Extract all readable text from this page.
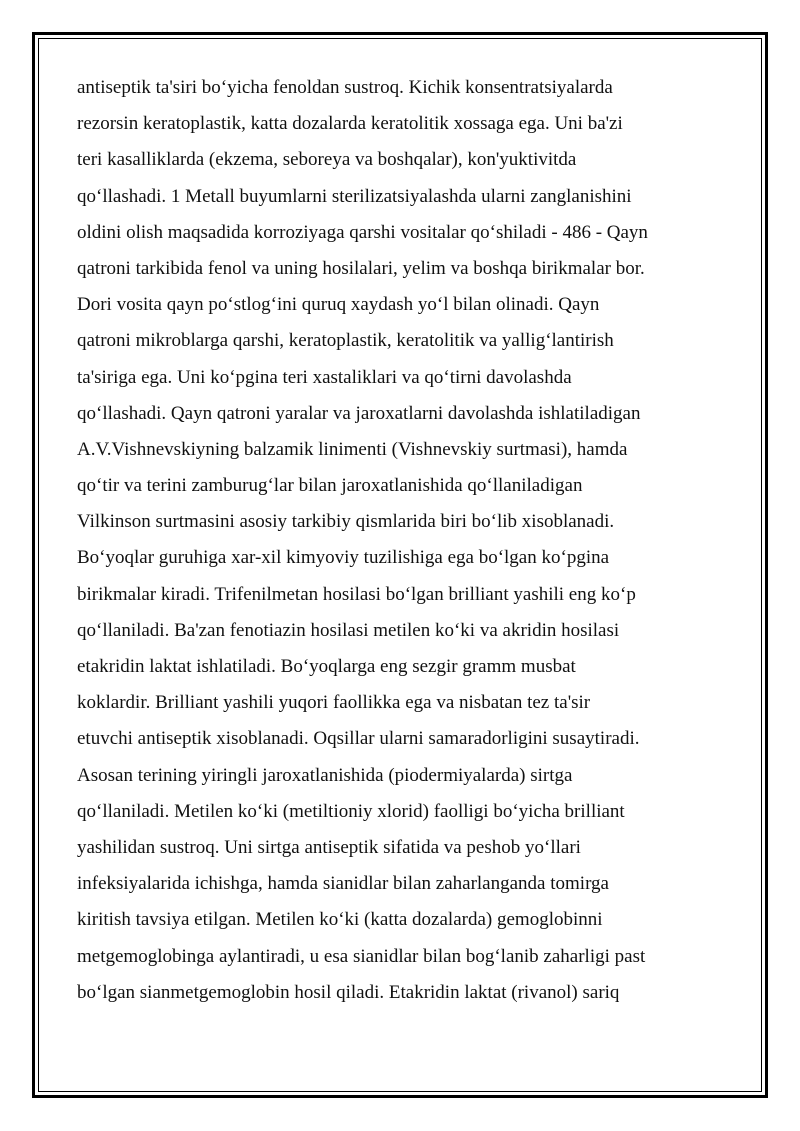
antiseptik ta'siri bo‘yicha fenoldan sustroq. Kichik konsentratsiyalarda
rezorsin keratoplastik, katta dozalarda keratolitik xossaga ega. Uni ba'zi
teri kasalliklarda (ekzema, seboreya va boshqalar), kon'yuktivitda
qo‘llashadi. 1 Metall buyumlarni sterilizatsiyalashda ularni zanglanishini
oldini olish maqsadida korroziyaga qarshi vositalar qo‘shiladi - 486 - Qayn
qatroni tarkibida fenol va uning hosilalari, yelim va boshqa birikmalar bor.
Dori vosita qayn po‘stlog‘ini quruq xaydash yo‘l bilan olinadi. Qayn
qatroni mikroblarga qarshi, keratoplastik, keratolitik va yallig‘lantirish
ta'siriga ega. Uni ko‘pgina teri xastaliklari va qo‘tirni davolashda
qo‘llashadi. Qayn qatroni yaralar va jaroxatlarni davolashda ishlatiladigan
A.V.Vishnevskiyning balzamik linimenti (Vishnevskiy surtmasi), hamda
qo‘tir va terini zamburug‘lar bilan jaroxatlanishida qo‘llaniladigan
Vilkinson surtmasini asosiy tarkibiy qismlarida biri bo‘lib xisoblanadi.
Bo‘yoqlar guruhiga xar-xil kimyoviy tuzilishiga ega bo‘lgan ko‘pgina
birikmalar kiradi. Trifenilmetan hosilasi bo‘lgan brilliant yashili eng ko‘p
qo‘llaniladi. Ba'zan fenotiazin hosilasi metilen ko‘ki va akridin hosilasi
etakridin laktat ishlatiladi. Bo‘yoqlarga eng sezgir gramm musbat
koklardir. Brilliant yashili yuqori faollikka ega va nisbatan tez ta'sir
etuvchi antiseptik xisoblanadi. Oqsillar ularni samaradorligini susaytiradi.
Asosan terining yiringli jaroxatlanishida (piodermiyalarda) sirtga
qo‘llaniladi. Metilen ko‘ki (metiltioniy xlorid) faolligi bo‘yicha brilliant
yashilidan sustroq. Uni sirtga antiseptik sifatida va peshob yo‘llari
infeksiyalarida ichishga, hamda sianidlar bilan zaharlanganda tomirga
kiritish tavsiya etilgan. Metilen ko‘ki (katta dozalarda) gemoglobinni
metgemoglobinga aylantiradi, u esa sianidlar bilan bog‘lanib zaharligi past
bo‘lgan sianmetgemoglobin hosil qiladi. Etakridin laktat (rivanol) sariq
